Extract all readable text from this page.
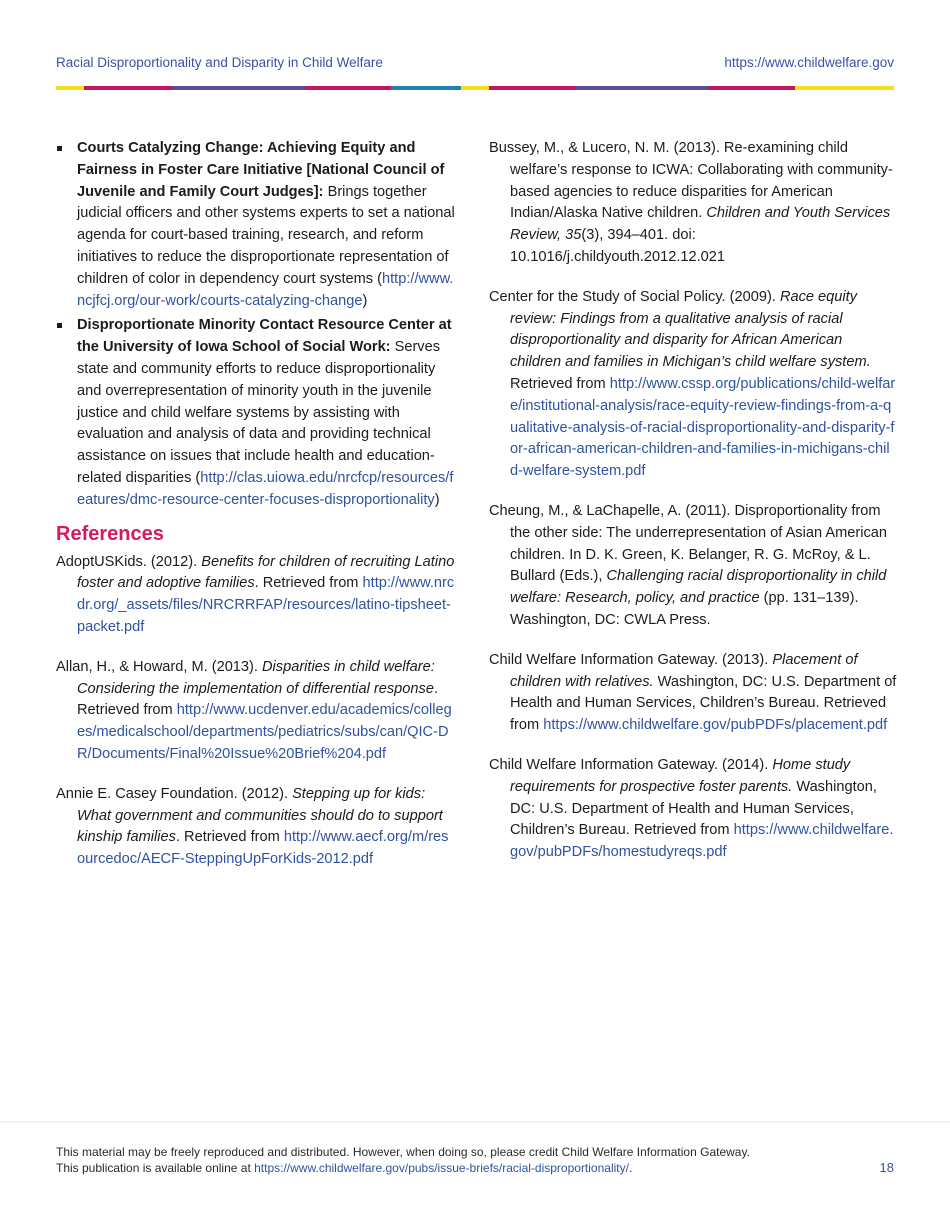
Racial Disproportionality and Disparity in Child Welfare	https://www.childwelfare.gov
Courts Catalyzing Change: Achieving Equity and Fairness in Foster Care Initiative [National Council of Juvenile and Family Court Judges]: Brings together judicial officers and other systems experts to set a national agenda for court-based training, research, and reform initiatives to reduce the disproportionate representation of children of color in dependency court systems (http://www.ncjfcj.org/our-work/courts-catalyzing-change)
Disproportionate Minority Contact Resource Center at the University of Iowa School of Social Work: Serves state and community efforts to reduce disproportionality and overrepresentation of minority youth in the juvenile justice and child welfare systems by assisting with evaluation and analysis of data and providing technical assistance on issues that include health and education-related disparities (http://clas.uiowa.edu/nrcfcp/resources/features/dmc-resource-center-focuses-disproportionality)
References

AdoptUSKids. (2012). Benefits for children of recruiting Latino foster and adoptive families. Retrieved from http://www.nrcdr.org/_assets/files/NRCRRFAP/resources/latino-tipsheet-packet.pdf

Allan, H., & Howard, M. (2013). Disparities in child welfare: Considering the implementation of differential response. Retrieved from http://www.ucdenver.edu/academics/colleges/medicalschool/departments/pediatrics/subs/can/QIC-DR/Documents/Final%20Issue%20Brief%204.pdf

Annie E. Casey Foundation. (2012). Stepping up for kids: What government and communities should do to support kinship families. Retrieved from http://www.aecf.org/m/resourcedoc/AECF-SteppingUpForKids-2012.pdf

Bussey, M., & Lucero, N. M. (2013). Re-examining child welfare’s response to ICWA: Collaborating with community-based agencies to reduce disparities for American Indian/Alaska Native children. Children and Youth Services Review, 35(3), 394–401. doi: 10.1016/j.childyouth.2012.12.021

Center for the Study of Social Policy. (2009). Race equity review: Findings from a qualitative analysis of racial disproportionality and disparity for African American children and families in Michigan’s child welfare system. Retrieved from http://www.cssp.org/publications/child-welfare/institutional-analysis/race-equity-review-findings-from-a-qualitative-analysis-of-racial-disproportionality-and-disparity-for-african-american-children-and-families-in-michigans-child-welfare-system.pdf

Cheung, M., & LaChapelle, A. (2011). Disproportionality from the other side: The underrepresentation of Asian American children. In D. K. Green, K. Belanger, R. G. McRoy, & L. Bullard (Eds.), Challenging racial disproportionality in child welfare: Research, policy, and practice (pp. 131–139). Washington, DC: CWLA Press.

Child Welfare Information Gateway. (2013). Placement of children with relatives. Washington, DC: U.S. Department of Health and Human Services, Children’s Bureau. Retrieved from https://www.childwelfare.gov/pubPDFs/placement.pdf

Child Welfare Information Gateway. (2014). Home study requirements for prospective foster parents. Washington, DC: U.S. Department of Health and Human Services, Children’s Bureau. Retrieved from https://www.childwelfare.gov/pubPDFs/homestudyreqs.pdf

This material may be freely reproduced and distributed. However, when doing so, please credit Child Welfare Information Gateway.
This publication is available online at https://www.childwelfare.gov/pubs/issue-briefs/racial-disproportionality/.	18
